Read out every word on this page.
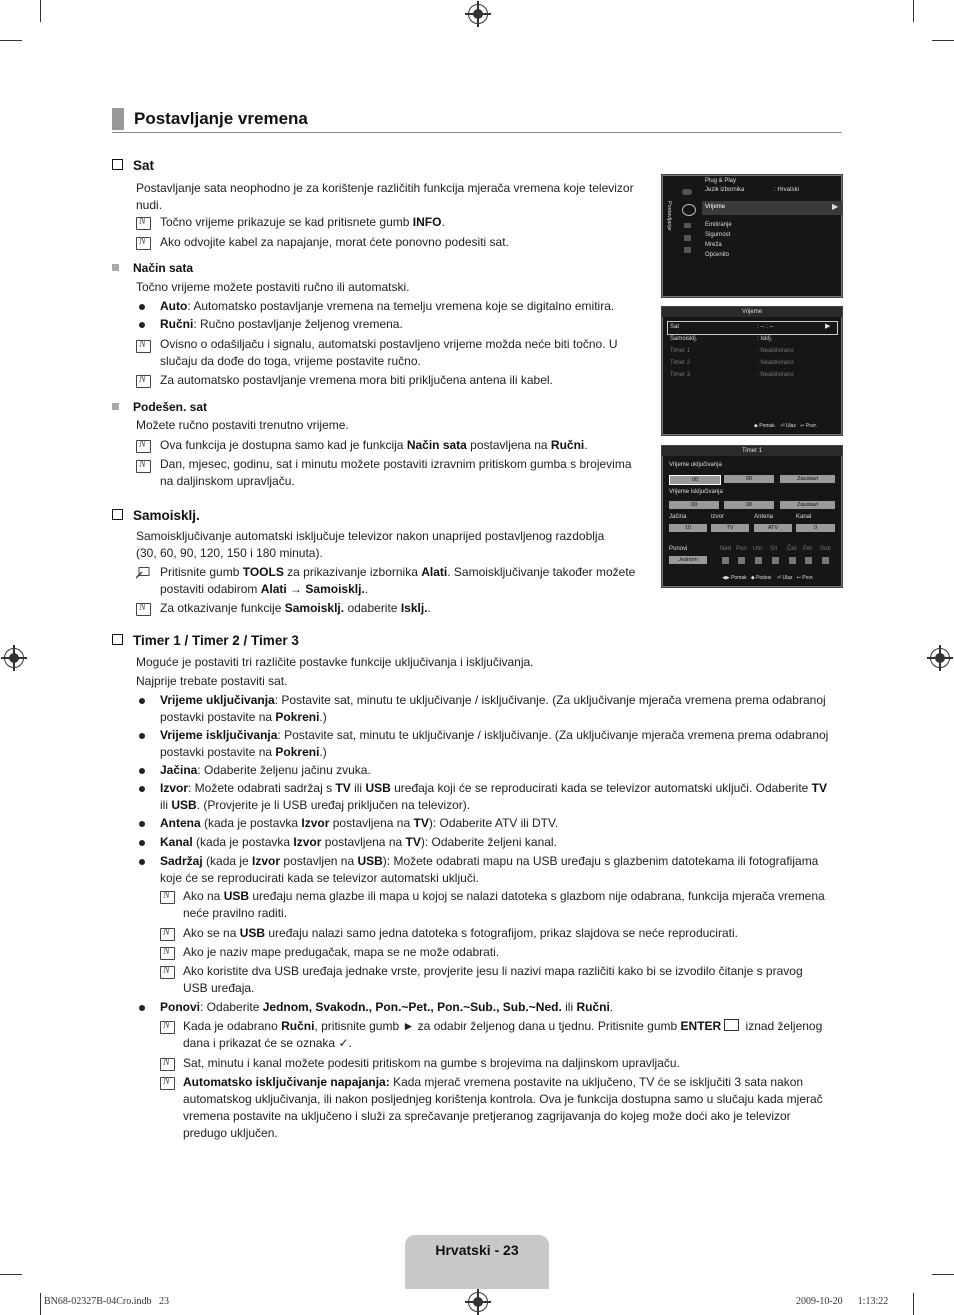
Postavljanje vremena
Sat
Postavljanje sata neophodno je za korištenje različitih funkcija mjerača vremena koje televizor nudi.
N
Točno vrijeme prikazuje se kad pritisnete gumb INFO.
N
Ako odvojite kabel za napajanje, morat ćete ponovno podesiti sat.
Način sata
Točno vrijeme možete postaviti ručno ili automatski.
Auto: Automatsko postavljanje vremena na temelju vremena koje se digitalno emitira.
Ručni: Ručno postavljanje željenog vremena.
N
Ovisno o odašiljaču i signalu, automatski postavljeno vrijeme možda neće biti točno. U
slučaju da dođe do toga, vrijeme postavite ručno.
N
Za automatsko postavljanje vremena mora biti priključena antena ili kabel.
Podešen. sat
Možete ručno postaviti trenutno vrijeme.
N
Ova funkcija je dostupna samo kad je funkcija Način sata postavljena na Ručni.
N
Dan, mjesec, godinu, sat i minutu možete postaviti izravnim pritiskom gumba s brojevima
na daljinskom upravljaču.
Samoisklj.
Samoisključivanje automatski isključuje televizor nakon unaprijed postavljenog razdoblja
(30, 60, 90, 120, 150 i 180 minuta).
Pritisnite gumb TOOLS za prikazivanje izbornika Alati. Samoisključivanje također možete
postaviti odabirom Alati → Samoisklj..
N
Za otkazivanje funkcije Samoisklj. odaberite Isklj..
Timer 1 / Timer 2 / Timer 3
Moguće je postaviti tri različite postavke funkcije uključivanja i isključivanja.
Najprije trebate postaviti sat.
Vrijeme uključivanja: Postavite sat, minutu te uključivanje / isključivanje. (Za uključivanje mjerača vremena prema odabranoj
postavki postavite na Pokreni.)
Vrijeme isključivanja: Postavite sat, minutu te uključivanje / isključivanje. (Za uključivanje mjerača vremena prema odabranoj
postavki postavite na Pokreni.)
Jačina: Odaberite željenu jačinu zvuka.
Izvor: Možete odabrati sadržaj s TV ili USB uređaja koji će se reproducirati kada se televizor automatski uključi. Odaberite TV
ili USB. (Provjerite je li USB uređaj priključen na televizor).
Antena (kada je postavka Izvor postavljena na TV): Odaberite ATV ili DTV.
Kanal (kada je postavka Izvor postavljena na TV): Odaberite željeni kanal.
Sadržaj (kada je Izvor postavljen na USB): Možete odabrati mapu na USB uređaju s glazbenim datotekama ili fotografijama
koje će se reproducirati kada se televizor automatski uključi.
N
Ako na USB uređaju nema glazbe ili mapa u kojoj se nalazi datoteka s glazbom nije odabrana, funkcija mjerača vremena
neće pravilno raditi.
N
Ako se na USB uređaju nalazi samo jedna datoteka s fotografijom, prikaz slajdova se neće reproducirati.
N
Ako je naziv mape predugačak, mapa se ne može odabrati.
N
Ako koristite dva USB uređaja jednake vrste, provjerite jesu li nazivi mapa različiti kako bi se izvodilo čitanje s pravog
USB uređaja.
Ponovi: Odaberite Jednom, Svakodn., Pon.~Pet., Pon.~Sub., Sub.~Ned. ili Ručni.
N
Kada je odabrano Ručni, pritisnite gumb ► za odabir željenog dana u tjednu. Pritisnite gumb ENTER iznad željenog
dana i prikazat će se oznaka ✓.
N
Sat, minutu i kanal možete podesiti pritiskom na gumbe s brojevima na daljinskom upravljaču.
N
Automatsko isključivanje napajanja: Kada mjerač vremena postavite na uključeno, TV će se isključiti 3 sata nakon
automatskog uključivanja, ili nakon posljednjeg korištenja kontrola. Ova je funkcija dostupna samo u slučaju kada mjerač
vremena postavite na uključeno i služi za sprečavanje pretjeranog zagrijavanja do kojeg može doći ako je televizor
predugo uključen.
Postavljanje
Plug & Play
Jezik izbornika	: Hrvatski
Vrijeme	▶
Emitiranje
Sigurnost
Mreža
Općenito
Vrijeme
Sat	: -- : --	▶
Samoisklj.	: Isklj.
Timer 1	: Neaktivirano
Timer 2	: Neaktivirano
Timer 3	: Neaktivirano
◆ Pomak    ⏎ Ulaz   ↩ Povr.
Timer 1
Vrijeme uključivanja
00	00	Zaustavi
Vrijeme isključivanja
00	00	Zaustavi
Jačina	Izvor	Antena	Kanal
10	TV	ATV	0
Ponovi
Jednom
Ned Pon Uto Sri Čet Pet Sub
◀▶ Pomak   ◆ Podesi    ⏎ Ulaz   ↩ Povr.
Hrvatski - 23
BN68-02327B-04Cro.indb   23	2009-10-20      1:13:22
